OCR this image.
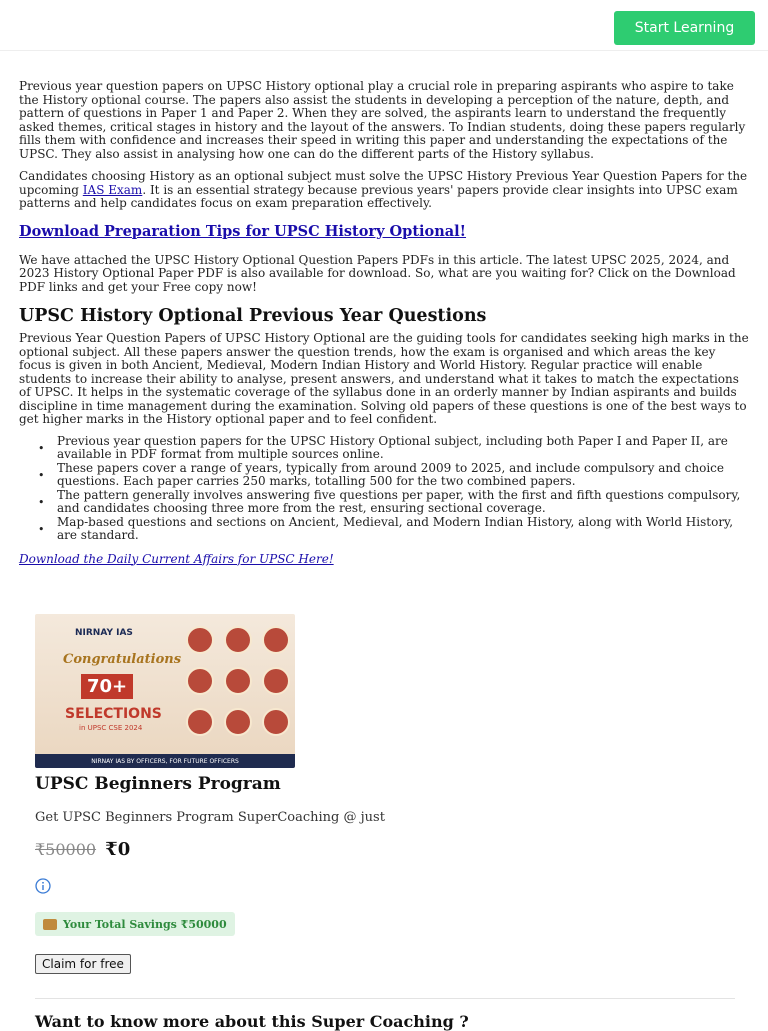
Start Learning

Previous year question papers on UPSC History optional play a crucial role in preparing aspirants who aspire to take the History optional course. The papers also assist the students in developing a perception of the nature, depth, and pattern of questions in Paper 1 and Paper 2. When they are solved, the aspirants learn to understand the frequently asked themes, critical stages in history and the layout of the answers. To Indian students, doing these papers regularly fills them with confidence and increases their speed in writing this paper and understanding the expectations of the UPSC. They also assist in analysing how one can do the different parts of the History syllabus.

Candidates choosing History as an optional subject must solve the UPSC History Previous Year Question Papers for the upcoming IAS Exam. It is an essential strategy because previous years' papers provide clear insights into UPSC exam patterns and help candidates focus on exam preparation effectively.

Download Preparation Tips for UPSC History Optional!

We have attached the UPSC History Optional Question Papers PDFs in this article. The latest UPSC 2025, 2024, and 2023 History Optional Paper PDF is also available for download. So, what are you waiting for? Click on the Download PDF links and get your Free copy now!

UPSC History Optional Previous Year Questions

Previous Year Question Papers of UPSC History Optional are the guiding tools for candidates seeking high marks in the optional subject. All these papers answer the question trends, how the exam is organised and which areas the key focus is given in both Ancient, Medieval, Modern Indian History and World History. Regular practice will enable students to increase their ability to analyse, present answers, and understand what it takes to match the expectations of UPSC. It helps in the systematic coverage of the syllabus done in an orderly manner by Indian aspirants and builds discipline in time management during the examination. Solving old papers of these questions is one of the best ways to get higher marks in the History optional paper and to feel confident.

• Previous year question papers for the UPSC History Optional subject, including both Paper I and Paper II, are available in PDF format from multiple sources online.
• These papers cover a range of years, typically from around 2009 to 2025, and include compulsory and choice questions. Each paper carries 250 marks, totalling 500 for the two combined papers.
• The pattern generally involves answering five questions per paper, with the first and fifth questions compulsory, and candidates choosing three more from the rest, ensuring sectional coverage.
• Map-based questions and sections on Ancient, Medieval, and Modern Indian History, along with World History, are standard.
Download the Daily Current Affairs for UPSC Here!
NIRNAY IAS
Congratulations
70+
SELECTIONS
in UPSC CSE 2024
NIRNAY IAS BY OFFICERS, FOR FUTURE OFFICERS
UPSC Beginners Program
Get UPSC Beginners Program SuperCoaching @ just
₹50000 ₹0
Your Total Savings ₹50000
Claim for free
Want to know more about this Super Coaching ?
